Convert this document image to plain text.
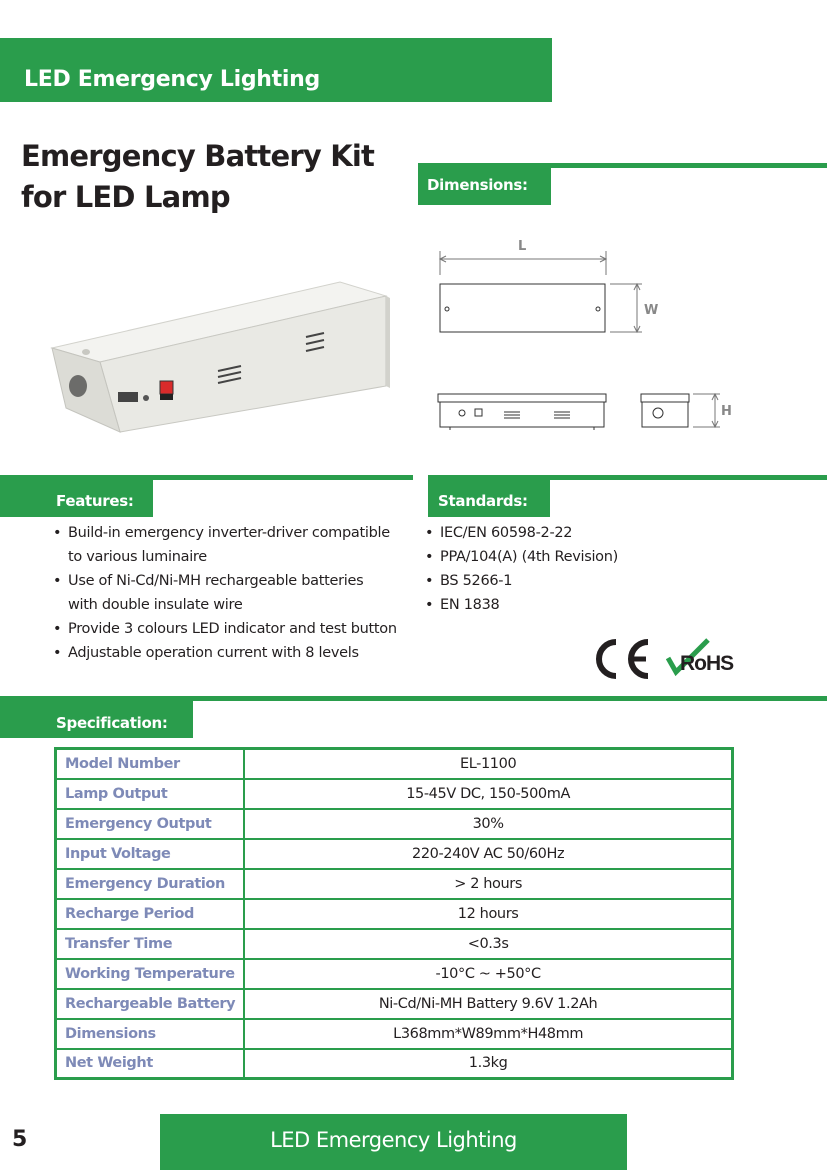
LED Emergency Lighting
Emergency Battery Kit
for LED Lamp	Dimensions:
L
W
H
Features:
• Build-in emergency inverter-driver compatible
to various luminaire
• Use of Ni-Cd/Ni-MH rechargeable batteries
with double insulate wire
• Provide 3 colours LED indicator and test button
• Adjustable operation current with 8 levels
Standards:
• IEC/EN 60598-2-22
• PPA/104(A) (4th Revision)
• BS 5266-1
• EN 1838
RoHS
Specification:
Model Number	EL-1100
Lamp Output	15-45V DC, 150-500mA
Emergency Output	30%
Input Voltage	220-240V AC 50/60Hz
Emergency Duration	> 2 hours
Recharge Period	12 hours
Transfer Time	<0.3s
Working Temperature	-10°C ~ +50°C
Rechargeable Battery	Ni-Cd/Ni-MH Battery 9.6V 1.2Ah
Dimensions	L368mm*W89mm*H48mm
Net Weight	1.3kg
5	LED Emergency Lighting
